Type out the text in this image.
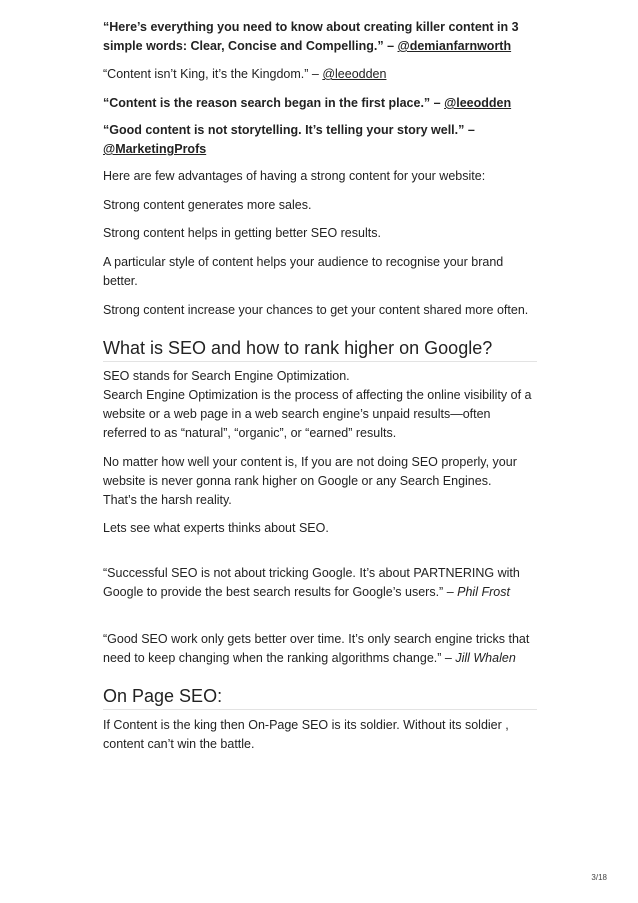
“Here’s everything you need to know about creating killer content in 3 simple words: Clear, Concise and Compelling.” – @demianfarnworth

“Content isn’t King, it’s the Kingdom.” – @leeodden

“Content is the reason search began in the first place.” – @leeodden

“Good content is not storytelling. It’s telling your story well.” –
@MarketingProfs

Here are few advantages of having a strong content for your website:

Strong content generates more sales.

Strong content helps in getting better SEO results.

A particular style of content helps your audience to recognise your brand better.

Strong content increase your chances to get your content shared more often.

What is SEO and how to rank higher on Google?

SEO stands for Search Engine Optimization.
Search Engine Optimization is the process of affecting the online visibility of a website or a web page in a web search engine’s unpaid results—often referred to as “natural”, “organic”, or “earned” results.

No matter how well your content is, If you are not doing SEO properly, your website is never gonna rank higher on Google or any Search Engines.
That’s the harsh reality.

Lets see what experts thinks about SEO.

“Successful SEO is not about tricking Google. It’s about PARTNERING with Google to provide the best search results for Google’s users.” – Phil Frost

“Good SEO work only gets better over time. It’s only search engine tricks that need to keep changing when the ranking algorithms change.” – Jill Whalen

On Page SEO:

If Content is the king then On-Page SEO is its soldier. Without its soldier , content can’t win the battle.

3/18
